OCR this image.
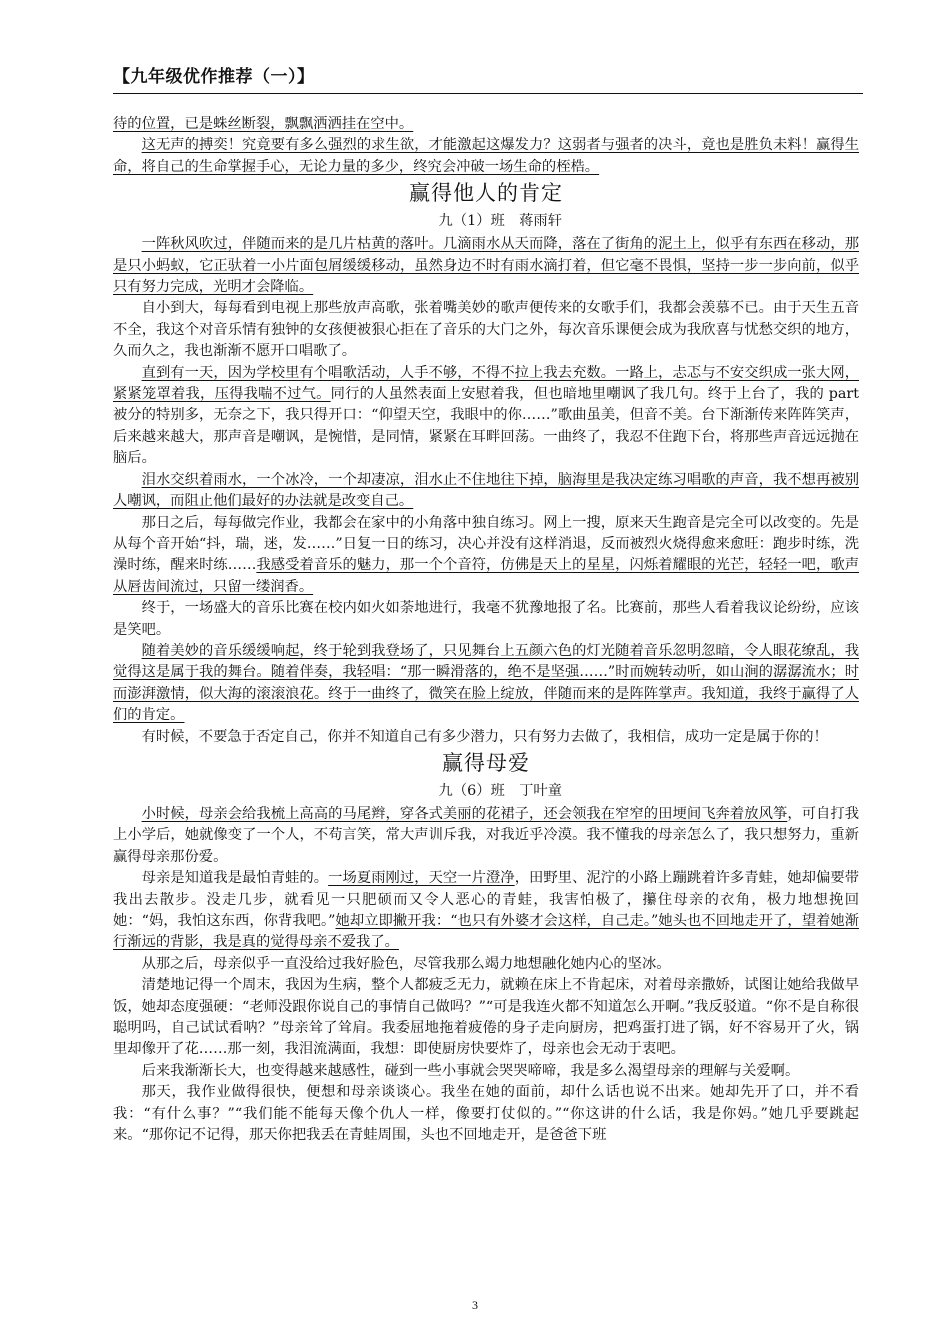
【九年级优作推荐（一）】

待的位置，已是蛛丝断裂，飘飘洒洒挂在空中。

这无声的搏奕！究竟要有多么强烈的求生欲，才能激起这爆发力？这弱者与强者的决斗，竟也是胜负未料！赢得生命，将自己的生命掌握手心，无论力量的多少，终究会冲破一场生命的桎梏。

赢得他人的肯定

九（1）班　蒋雨轩

一阵秋风吹过，伴随而来的是几片枯黄的落叶。几滴雨水从天而降，落在了街角的泥土上，似乎有东西在移动，那是只小蚂蚁，它正驮着一小片面包屑缓缓移动，虽然身边不时有雨水滴打着，但它毫不畏惧，坚持一步一步向前，似乎只有努力完成，光明才会降临。

自小到大，每每看到电视上那些放声高歌，张着嘴美妙的歌声便传来的女歌手们，我都会羡慕不已。由于天生五音不全，我这个对音乐情有独钟的女孩便被狠心拒在了音乐的大门之外，每次音乐课便会成为我欣喜与忧愁交织的地方，久而久之，我也渐渐不愿开口唱歌了。

直到有一天，因为学校里有个唱歌活动，人手不够，不得不拉上我去充数。一路上，忐忑与不安交织成一张大网，紧紧笼罩着我，压得我喘不过气。同行的人虽然表面上安慰着我，但也暗地里嘲讽了我几句。终于上台了，我的 part 被分的特别多，无奈之下，我只得开口：“仰望天空，我眼中的你……”歌曲虽美，但音不美。台下渐渐传来阵阵笑声，后来越来越大，那声音是嘲讽，是惋惜，是同情，紧紧在耳畔回荡。一曲终了，我忍不住跑下台，将那些声音远远抛在脑后。

泪水交织着雨水，一个冰冷，一个却凄凉，泪水止不住地往下掉，脑海里是我决定练习唱歌的声音，我不想再被别人嘲讽，而阻止他们最好的办法就是改变自己。

那日之后，每每做完作业，我都会在家中的小角落中独自练习。网上一搜，原来天生跑音是完全可以改变的。先是从每个音开始“抖，瑞，迷，发……”日复一日的练习，决心并没有这样消退，反而被烈火烧得愈来愈旺：跑步时练，洗澡时练，醒来时练……我感受着音乐的魅力，那一个个音符，仿佛是天上的星星，闪烁着耀眼的光芒，轻轻一吧，歌声从唇齿间流过，只留一缕润香。

终于，一场盛大的音乐比赛在校内如火如荼地进行，我毫不犹豫地报了名。比赛前，那些人看着我议论纷纷，应该是笑吧。

随着美妙的音乐缓缓响起，终于轮到我登场了，只见舞台上五颜六色的灯光随着音乐忽明忽暗，令人眼花缭乱，我觉得这是属于我的舞台。随着伴奏，我轻唱：“那一瞬滑落的，绝不是坚强……”时而婉转动听，如山涧的潺潺流水；时而澎湃激情，似大海的滚滚浪花。终于一曲终了，微笑在脸上绽放，伴随而来的是阵阵掌声。我知道，我终于赢得了人们的肯定。

有时候，不要急于否定自己，你并不知道自己有多少潜力，只有努力去做了，我相信，成功一定是属于你的！

赢得母爱

九（6）班　丁叶童

小时候，母亲会给我梳上高高的马尾辫，穿各式美丽的花裙子，还会领我在窄窄的田埂间飞奔着放风筝，可自打我上小学后，她就像变了一个人，不苟言笑，常大声训斥我，对我近乎冷漠。我不懂我的母亲怎么了，我只想努力，重新赢得母亲那份爱。

母亲是知道我是最怕青蛙的。一场夏雨刚过，天空一片澄净，田野里、泥泞的小路上蹦跳着许多青蛙，她却偏要带我出去散步。没走几步，就看见一只肥硕而又令人恶心的青蛙，我害怕极了，攥住母亲的衣角，极力地想挽回她：“妈，我怕这东西，你背我吧。”她却立即撇开我：“也只有外婆才会这样，自己走。”她头也不回地走开了，望着她渐行渐远的背影，我是真的觉得母亲不爱我了。

从那之后，母亲似乎一直没给过我好脸色，尽管我那么竭力地想融化她内心的坚冰。

清楚地记得一个周末，我因为生病，整个人都疲乏无力，就赖在床上不肯起床，对着母亲撒娇，试图让她给我做早饭，她却态度强硬：“老师没跟你说自己的事情自己做吗？”“可是我连火都不知道怎么开啊。”我反驳道。“你不是自称很聪明吗，自己试试看呐？”母亲耸了耸肩。我委屈地拖着疲倦的身子走向厨房，把鸡蛋打进了锅，好不容易开了火，锅里却像开了花……那一刻，我泪流满面，我想：即使厨房快要炸了，母亲也会无动于衷吧。

后来我渐渐长大，也变得越来越感性，碰到一些小事就会哭哭啼啼，我是多么渴望母亲的理解与关爱啊。

那天，我作业做得很快，便想和母亲谈谈心。我坐在她的面前，却什么话也说不出来。她却先开了口，并不看我：“有什么事？”“我们能不能每天像个仇人一样，像要打仗似的。”“你这讲的什么话，我是你妈。”她几乎要跳起来。“那你记不记得，那天你把我丢在青蛙周围，头也不回地走开，是爸爸下班

3
